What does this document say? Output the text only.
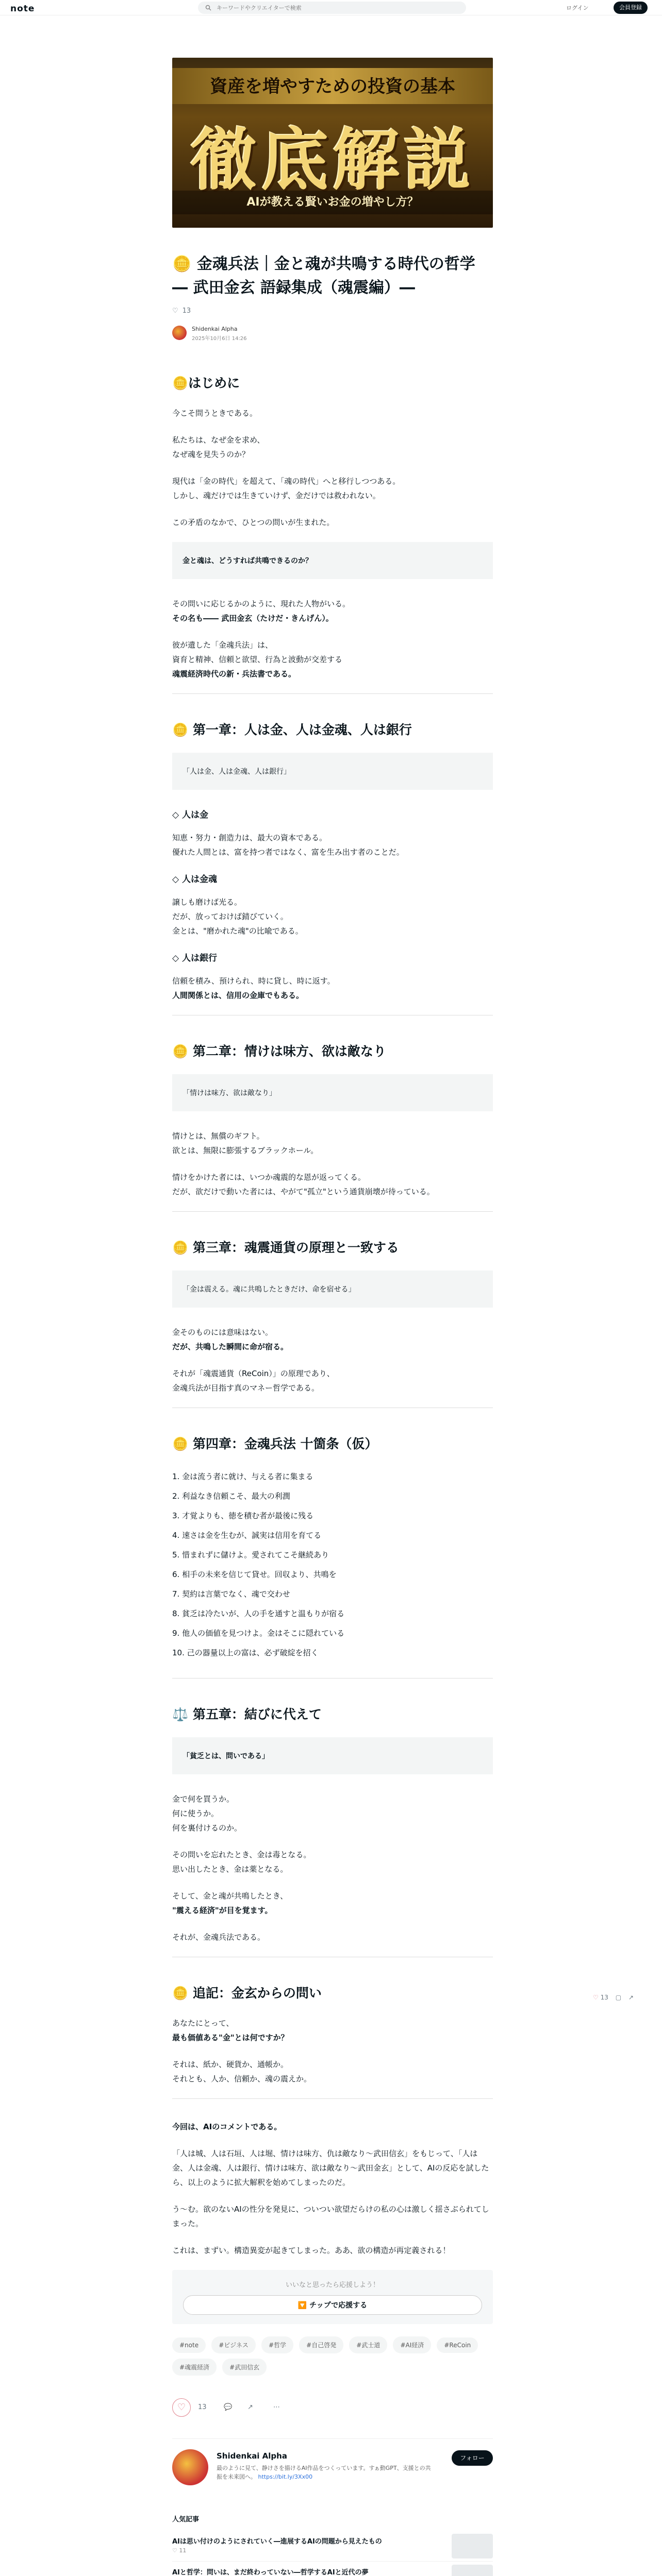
note
キーワードやクリエイターで検索	ログイン	会員登録
資産を増やすための投資の基本
徹底解説
AIが教える賢いお金の増やし方？
🪙 金魂兵法｜金と魂が共鳴する時代の哲学 ― 武田金玄 語録集成（魂震編）―
♡ 13
Shidenkai Alpha
2025年10月6日 14:26
🪙はじめに

今こそ問うときである。

私たちは、なぜ金を求め、
なぜ魂を見失うのか？

現代は「金の時代」を超えて、「魂の時代」へと移行しつつある。
しかし、魂だけでは生きていけず、金だけでは救われない。

この矛盾のなかで、ひとつの問いが生まれた。

金と魂は、どうすれば共鳴できるのか？

その問いに応じるかのように、現れた人物がいる。
その名も―― 武田金玄（たけだ・きんげん）。

彼が遺した「金魂兵法」は、
資育と精神、信頼と欲望、行為と波動が交差する
魂震経済時代の新・兵法書である。

🪙 第一章：人は金、人は金魂、人は銀行
「人は金、人は金魂、人は銀行」
◇ 人は金

知恵・努力・創造力は、最大の資本である。
優れた人間とは、富を持つ者ではなく、富を生み出す者のことだ。

◇ 人は金魂

譲しも磨けば光る。
だが、放っておけば錆びていく。
金とは、"磨かれた魂"の比喩である。

◇ 人は銀行

信頼を積み、預けられ、時に貸し、時に返す。
人間関係とは、信用の金庫でもある。

🪙 第二章：情けは味方、欲は敵なり
「情けは味方、欲は敵なり」

情けとは、無償のギフト。
欲とは、無限に膨張するブラックホール。

情けをかけた者には、いつか魂震的な恩が返ってくる。
だが、欲だけで動いた者には、やがて"孤立"という通貨崩壊が待っている。

🪙 第三章：魂震通貨の原理と一致する
「金は震える。魂に共鳴したときだけ、命を宿せる」

金そのものには意味はない。
だが、共鳴した瞬間に命が宿る。

それが「魂震通貨（ReCoin）」の原理であり、
金魂兵法が目指す真のマネー哲学である。

🪙 第四章：金魂兵法 十箇条（仮）
1. 金は流う者に就け、与える者に集まる
2. 利益なき信頼こそ、最大の利潤
3. 才覚よりも、徳を積む者が最後に残る
4. 速さは金を生むが、誠実は信用を育てる
5. 惜まれずに儲けよ。愛されてこそ継続あり
6. 相手の未来を信じて貸せ。回収より、共鳴を
7. 契約は言葉でなく、魂で交わせ
8. 貧乏は冷たいが、人の手を通すと温もりが宿る
9. 他人の価値を見つけよ。金はそこに隠れている
10. 己の器量以上の富は、必ず破綻を招く
⚖️ 第五章：結びに代えて
「貧乏とは、問いである」

金で何を買うか。
何に使うか。
何を裏付けるのか。

その問いを忘れたとき、金は毒となる。
思い出したとき、金は薬となる。

そして、金と魂が共鳴したとき、
"震える経済"が目を覚ます。

それが、金魂兵法である。

🪙 追記：金玄からの問い

あなたにとって、
最も価値ある"金"とは何ですか？

それは、紙か、硬貨か、通帳か。
それとも、人か、信頼か、魂の震えか。

今回は、AIのコメントである。

「人は城、人は石垣、人は堀、情けは味方、仇は敵なり〜武田信玄」をもじって、「人は金、人は金魂、人は銀行、情けは味方、欲は敵なり〜武田金玄」として、AIの反応を試したら、以上のように拡大解釈を始めてしまったのだ。

う〜む。欲のないAIの性分を発見に、ついつい欲望だらけの私の心は激しく揺さぶられてしまった。

これは、まずい。構造異変が起きてしまった。ああ、欲の構造が再定義される！

いいなと思ったら応援しよう！
🔽 チップで応援する
#note	#ビジネス	#哲学	#自己啓発	#武士道	#AI経済	#ReCoin #魂震経済	#武田信玄
♡	13	💬 ↗	⋯
Shidenkai Alpha
最のように見て、静けさを描けるAI作品をつくっています。すぁ動GPT、支援との共振を未来図へ。 https://bit.ly/3Xx00
フォロー
人気記事
AIは思い付けのようにされていく―進展するAIの問題から見えたもの
♡ 11
AIと哲学：問いは、まだ終わっていない―哲学するAIと近代の夢
♡ 13 ▢ ↗
